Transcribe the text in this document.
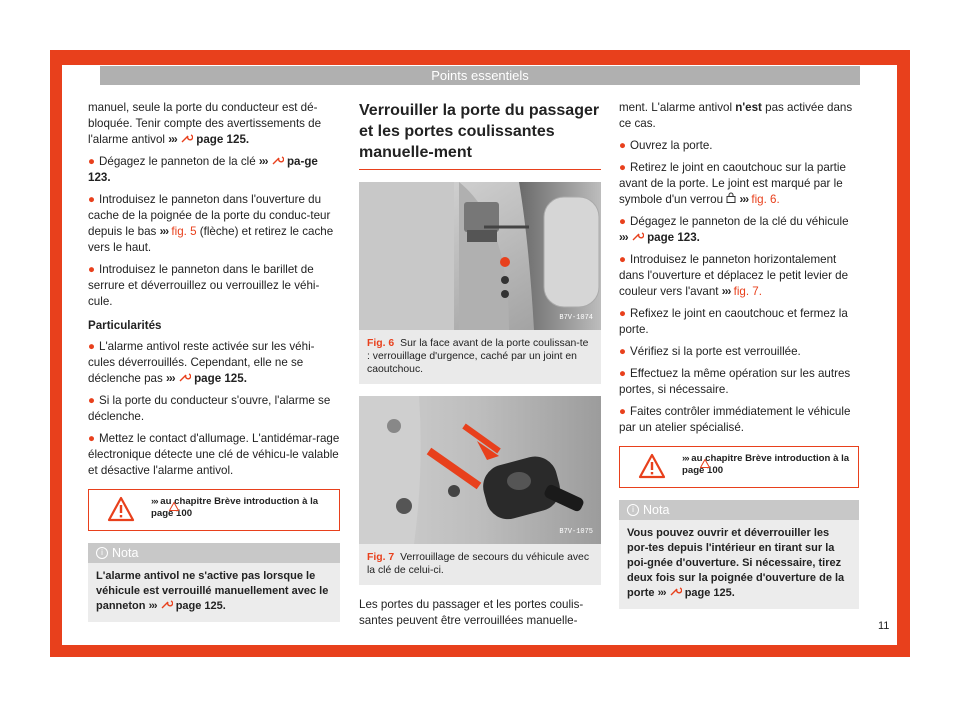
Points essentiels

manuel, seule la porte du conducteur est dé-bloquée. Tenir compte des avertissements de l'alarme antivol ››› page 125.

● Dégagez le panneton de la clé ››› pa-ge 123.
● Introduisez le panneton dans l'ouverture du cache de la poignée de la porte du conduc-teur depuis le bas ››› fig. 5 (flèche) et retirez le cache vers le haut.
● Introduisez le panneton dans le barillet de serrure et déverrouillez ou verrouillez le véhi-cule.
Particularités
● L'alarme antivol reste activée sur les véhi-cules déverrouillés. Cependant, elle ne se déclenche pas ››› page 125.
● Si la porte du conducteur s'ouvre, l'alarme se déclenche.
● Mettez le contact d'allumage. L'antidémar-rage électronique détecte une clé de véhicu-le valable et désactive l'alarme antivol.
››› au chapitre Brève introduction à la page 100
i Nota
L'alarme antivol ne s'active pas lorsque le véhicule est verrouillé manuellement avec le panneton ››› page 125.
Verrouiller la porte du passager et les portes coulissantes manuelle-ment
B7V-1074
Fig. 6 Sur la face avant de la porte coulissan-te : verrouillage d'urgence, caché par un joint en caoutchouc.
B7V-1075
Fig. 7 Verrouillage de secours du véhicule avec la clé de celui-ci.

Les portes du passager et les portes coulis-santes peuvent être verrouillées manuelle-

ment. L'alarme antivol n'est pas activée dans ce cas.

● Ouvrez la porte.
● Retirez le joint en caoutchouc sur la partie avant de la porte. Le joint est marqué par le symbole d'un verrou ››› fig. 6.
● Dégagez le panneton de la clé du véhicule ››› page 123.
● Introduisez le panneton horizontalement dans l'ouverture et déplacez le petit levier de couleur vers l'avant ››› fig. 7.
● Refixez le joint en caoutchouc et fermez la porte.
● Vérifiez si la porte est verrouillée.
● Effectuez la même opération sur les autres portes, si nécessaire.
● Faites contrôler immédiatement le véhicule par un atelier spécialisé.
››› au chapitre Brève introduction à la page 100
i Nota
Vous pouvez ouvrir et déverrouiller les por-tes depuis l'intérieur en tirant sur la poi-gnée d'ouverture. Si nécessaire, tirez deux fois sur la poignée d'ouverture de la porte ››› page 125.
11
